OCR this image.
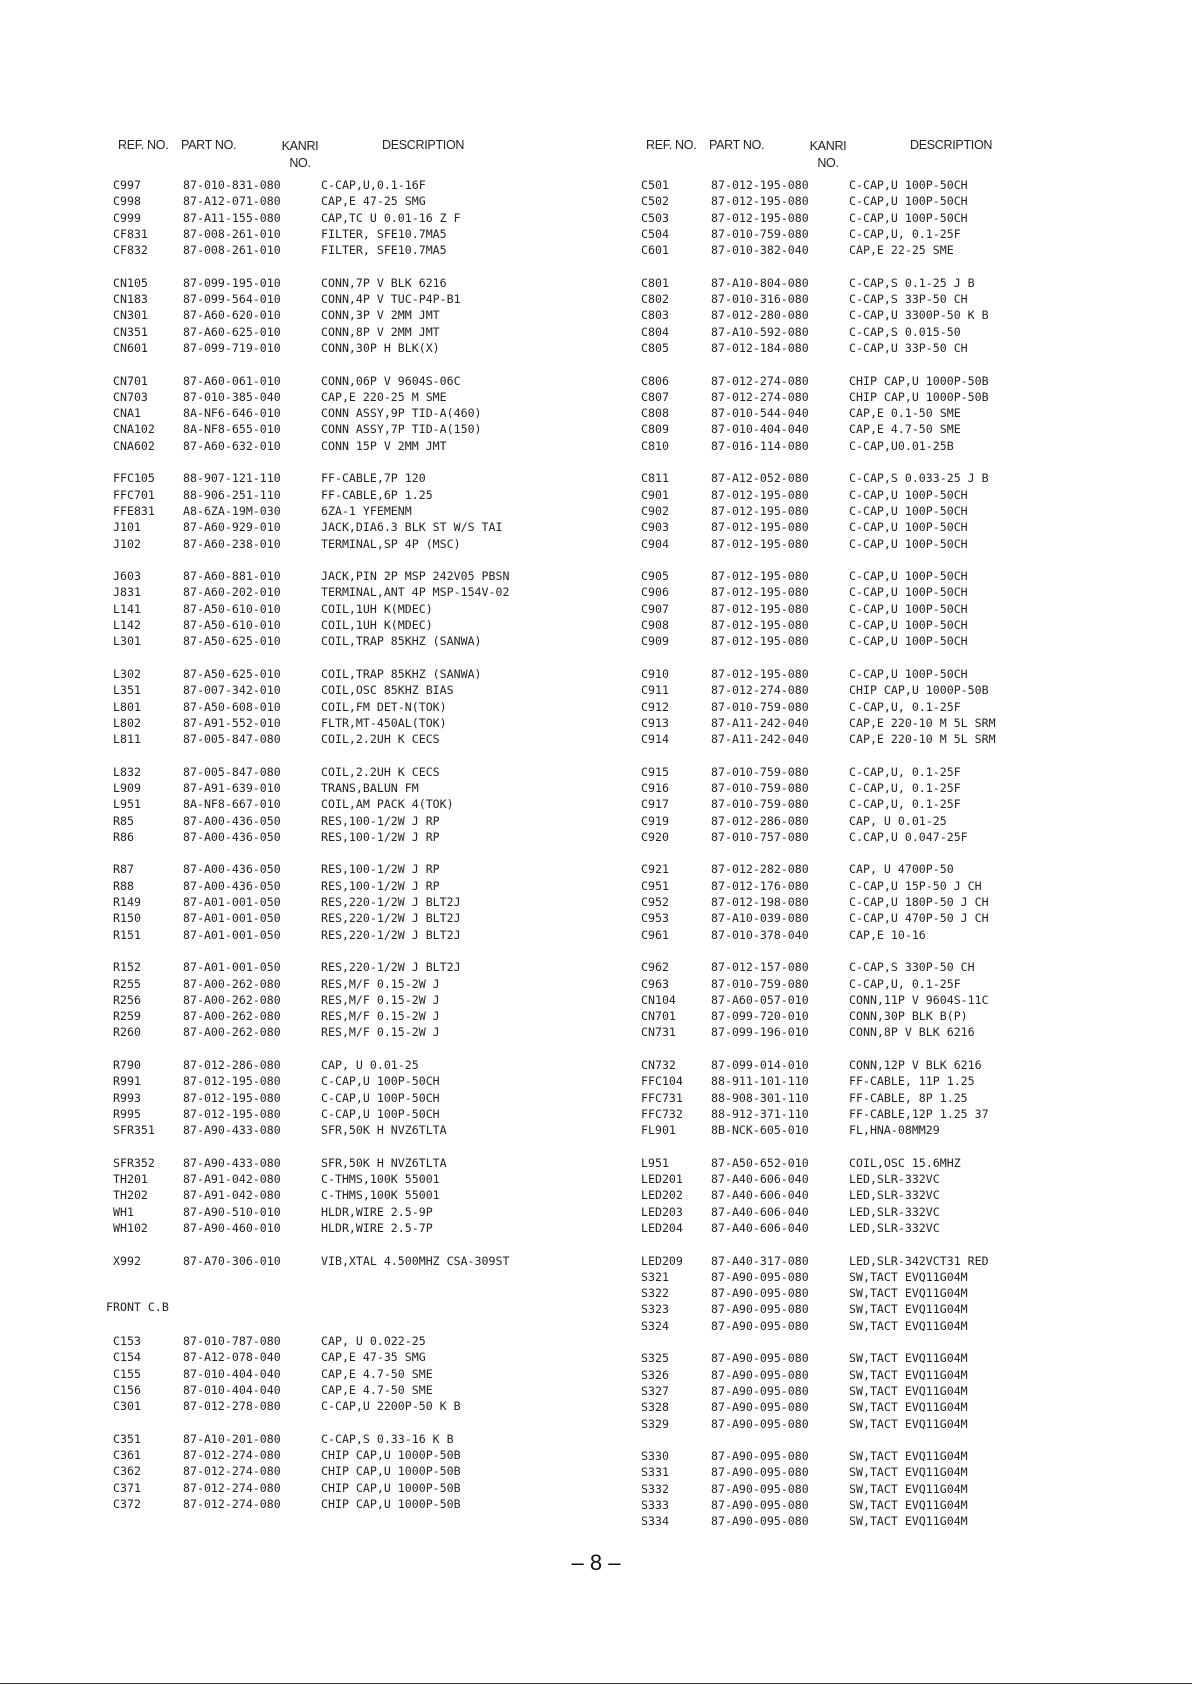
REF. NO. PART NO.	KANRI
NO.
DESCRIPTION	REF. NO. PART NO.	KANRI
NO.
DESCRIPTION
C997	87-010-831-080	C-CAP,U,0.1-16F
C998	87-A12-071-080	CAP,E 47-25 SMG
C999	87-A11-155-080	CAP,TC U 0.01-16 Z F
CF831	87-008-261-010	FILTER, SFE10.7MA5
CF832	87-008-261-010	FILTER, SFE10.7MA5
CN105	87-099-195-010	CONN,7P V BLK 6216
CN183	87-099-564-010	CONN,4P V TUC-P4P-B1
CN301	87-A60-620-010	CONN,3P V 2MM JMT
CN351	87-A60-625-010	CONN,8P V 2MM JMT
CN601	87-099-719-010	CONN,30P H BLK(X)
CN701	87-A60-061-010	CONN,06P V 9604S-06C
CN703	87-010-385-040	CAP,E 220-25 M SME
CNA1	8A-NF6-646-010	CONN ASSY,9P TID-A(460)
CNA102 8A-NF8-655-010	CONN ASSY,7P TID-A(150)
CNA602 87-A60-632-010	CONN 15P V 2MM JMT
FFC105 88-907-121-110	FF-CABLE,7P 120
FFC701 88-906-251-110	FF-CABLE,6P 1.25
FFE831 A8-6ZA-19M-030	6ZA-1 YFEMENM
J101	87-A60-929-010	JACK,DIA6.3 BLK ST W/S TAI
J102	87-A60-238-010	TERMINAL,SP 4P (MSC)
J603	87-A60-881-010	JACK,PIN 2P MSP 242V05 PBSN
J831	87-A60-202-010	TERMINAL,ANT 4P MSP-154V-02
L141	87-A50-610-010	COIL,1UH K(MDEC)
L142	87-A50-610-010	COIL,1UH K(MDEC)
L301	87-A50-625-010	COIL,TRAP 85KHZ (SANWA)
L302	87-A50-625-010	COIL,TRAP 85KHZ (SANWA)
L351	87-007-342-010	COIL,OSC 85KHZ BIAS
L801	87-A50-608-010	COIL,FM DET-N(TOK)
L802	87-A91-552-010	FLTR,MT-450AL(TOK)
L811	87-005-847-080	COIL,2.2UH K CECS
L832	87-005-847-080	COIL,2.2UH K CECS
L909	87-A91-639-010	TRANS,BALUN FM
L951	8A-NF8-667-010	COIL,AM PACK 4(TOK)
R85	87-A00-436-050	RES,100-1/2W J RP
R86	87-A00-436-050	RES,100-1/2W J RP
R87	87-A00-436-050	RES,100-1/2W J RP
R88	87-A00-436-050	RES,100-1/2W J RP
R149	87-A01-001-050	RES,220-1/2W J BLT2J
R150	87-A01-001-050	RES,220-1/2W J BLT2J
R151	87-A01-001-050	RES,220-1/2W J BLT2J
R152	87-A01-001-050	RES,220-1/2W J BLT2J
R255	87-A00-262-080	RES,M/F 0.15-2W J
R256	87-A00-262-080	RES,M/F 0.15-2W J
R259	87-A00-262-080	RES,M/F 0.15-2W J
R260	87-A00-262-080	RES,M/F 0.15-2W J
R790	87-012-286-080	CAP, U 0.01-25
R991	87-012-195-080	C-CAP,U 100P-50CH
R993	87-012-195-080	C-CAP,U 100P-50CH
R995	87-012-195-080	C-CAP,U 100P-50CH
SFR351 87-A90-433-080	SFR,50K H NVZ6TLTA
SFR352 87-A90-433-080	SFR,50K H NVZ6TLTA
TH201	87-A91-042-080	C-THMS,100K 55001
TH202	87-A91-042-080	C-THMS,100K 55001
WH1	87-A90-510-010	HLDR,WIRE 2.5-9P
WH102	87-A90-460-010	HLDR,WIRE 2.5-7P
X992	87-A70-306-010	VIB,XTAL 4.500MHZ CSA-309ST
FRONT C.B
C153	87-010-787-080	CAP, U 0.022-25
C154	87-A12-078-040	CAP,E 47-35 SMG
C155	87-010-404-040	CAP,E 4.7-50 SME
C156	87-010-404-040	CAP,E 4.7-50 SME
C301	87-012-278-080	C-CAP,U 2200P-50 K B
C351	87-A10-201-080	C-CAP,S 0.33-16 K B
C361	87-012-274-080	CHIP CAP,U 1000P-50B
C362	87-012-274-080	CHIP CAP,U 1000P-50B
C371	87-012-274-080	CHIP CAP,U 1000P-50B
C372	87-012-274-080	CHIP CAP,U 1000P-50B
C501	87-012-195-080	C-CAP,U 100P-50CH
C502	87-012-195-080	C-CAP,U 100P-50CH
C503	87-012-195-080	C-CAP,U 100P-50CH
C504	87-010-759-080	C-CAP,U, 0.1-25F
C601	87-010-382-040	CAP,E 22-25 SME
C801	87-A10-804-080	C-CAP,S 0.1-25 J B
C802	87-010-316-080	C-CAP,S 33P-50 CH
C803	87-012-280-080	C-CAP,U 3300P-50 K B
C804	87-A10-592-080	C-CAP,S 0.015-50
C805	87-012-184-080	C-CAP,U 33P-50 CH
C806	87-012-274-080	CHIP CAP,U 1000P-50B
C807	87-012-274-080	CHIP CAP,U 1000P-50B
C808	87-010-544-040	CAP,E 0.1-50 SME
C809	87-010-404-040	CAP,E 4.7-50 SME
C810	87-016-114-080	C-CAP,U0.01-25B
C811	87-A12-052-080	C-CAP,S 0.033-25 J B
C901	87-012-195-080	C-CAP,U 100P-50CH
C902	87-012-195-080	C-CAP,U 100P-50CH
C903	87-012-195-080	C-CAP,U 100P-50CH
C904	87-012-195-080	C-CAP,U 100P-50CH
C905	87-012-195-080	C-CAP,U 100P-50CH
C906	87-012-195-080	C-CAP,U 100P-50CH
C907	87-012-195-080	C-CAP,U 100P-50CH
C908	87-012-195-080	C-CAP,U 100P-50CH
C909	87-012-195-080	C-CAP,U 100P-50CH
C910	87-012-195-080	C-CAP,U 100P-50CH
C911	87-012-274-080	CHIP CAP,U 1000P-50B
C912	87-010-759-080	C-CAP,U, 0.1-25F
C913	87-A11-242-040	CAP,E 220-10 M 5L SRM
C914	87-A11-242-040	CAP,E 220-10 M 5L SRM
C915	87-010-759-080	C-CAP,U, 0.1-25F
C916	87-010-759-080	C-CAP,U, 0.1-25F
C917	87-010-759-080	C-CAP,U, 0.1-25F
C919	87-012-286-080	CAP, U 0.01-25
C920	87-010-757-080	C.CAP,U 0.047-25F
C921	87-012-282-080	CAP, U 4700P-50
C951	87-012-176-080	C-CAP,U 15P-50 J CH
C952	87-012-198-080	C-CAP,U 180P-50 J CH
C953	87-A10-039-080	C-CAP,U 470P-50 J CH
C961	87-010-378-040	CAP,E 10-16
C962	87-012-157-080	C-CAP,S 330P-50 CH
C963	87-010-759-080	C-CAP,U, 0.1-25F
CN104	87-A60-057-010	CONN,11P V 9604S-11C
CN701	87-099-720-010	CONN,30P BLK B(P)
CN731	87-099-196-010	CONN,8P V BLK 6216
CN732	87-099-014-010	CONN,12P V BLK 6216
FFC104 88-911-101-110	FF-CABLE, 11P 1.25
FFC731 88-908-301-110	FF-CABLE, 8P 1.25
FFC732 88-912-371-110	FF-CABLE,12P 1.25 37
FL901	8B-NCK-605-010	FL,HNA-08MM29
L951	87-A50-652-010	COIL,OSC 15.6MHZ
LED201 87-A40-606-040	LED,SLR-332VC
LED202 87-A40-606-040	LED,SLR-332VC
LED203 87-A40-606-040	LED,SLR-332VC
LED204 87-A40-606-040	LED,SLR-332VC
LED209 87-A40-317-080	LED,SLR-342VCT31 RED
S321	87-A90-095-080	SW,TACT EVQ11G04M
S322	87-A90-095-080	SW,TACT EVQ11G04M
S323	87-A90-095-080	SW,TACT EVQ11G04M
S324	87-A90-095-080	SW,TACT EVQ11G04M
S325	87-A90-095-080	SW,TACT EVQ11G04M
S326	87-A90-095-080	SW,TACT EVQ11G04M
S327	87-A90-095-080	SW,TACT EVQ11G04M
S328	87-A90-095-080	SW,TACT EVQ11G04M
S329	87-A90-095-080	SW,TACT EVQ11G04M
S330	87-A90-095-080	SW,TACT EVQ11G04M
S331	87-A90-095-080	SW,TACT EVQ11G04M
S332	87-A90-095-080	SW,TACT EVQ11G04M
S333	87-A90-095-080	SW,TACT EVQ11G04M
S334	87-A90-095-080	SW,TACT EVQ11G04M
– 8 –
